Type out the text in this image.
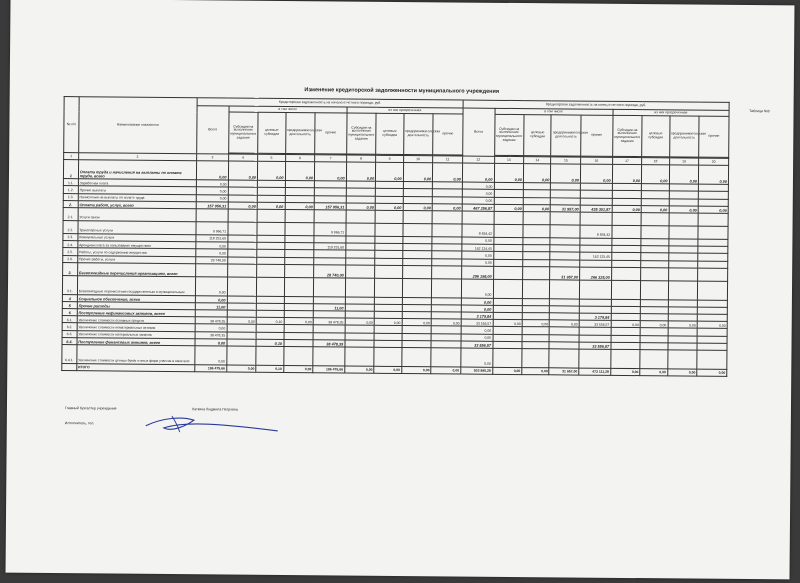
Изменение кредиторской задолженности муниципального учреждения
Таблица №8
№ п/п	Наименование показателя	Кредиторская задолженность на начало отчетного периода, руб.									Кредиторская задолженность на конец отчетного периода, руб.								
		Всего	в том числе				из них просроченная				Всего	в том числе				из них просроченная			
			Субсидии на выполнение муниципального задания	целевые субсидии	предпринимательская деятельность	прочие	Субсидии на выполнение муниципального задания	целевые субсидии	предпринимательская деятельность	прочие		Субсидии на выполнение муниципального задания	целевые субсидии	предпринимательская деятельность	прочие	Субсидии на выполнение муниципального задания	целевые субсидии	предпринимательская деятельность	прочие

1	2	3	4	5	6	7	8	9	10	11	12	13	14	15	16	17	18	19	20
1	Оплата труда и начисления на выплаты по оплате труда, всего	0,00	0,00	0,00	0,00	0,00	0,00	0,00	0,00	0,00	0,00	0,00	0,00	0,00	0,00	0,00	0,00	0,00	0,00
1.1.	Заработная плата	0,00									0,00								
1.2.	Прочие выплаты	0,00									0,00								
1.3.	Начисления на выплаты по оплате труда	0,00									0,00								
2.	Оплата работ, услуг, всего	157 956,31	0,00	0,00	0,00	157 956,31	0,00	0,00	0,00	0,00	467 256,87	0,00	0,00	31 957,00	435 301,87	0,00	0,00	0,00	0,00
2.1.	Услуги связи																		
2.2.	Транспортные услуги	9 966,71				9 966,71					8 834,42				8 834,42				
2.3.	Коммунальные услуги	118 251,60									0,00								
2.4.	Арендная плата за пользование имуществом	0,00				119 251,60					162 124,45								
2.5.	Работы, услуги по содержанию имущества	0,00									0,00				162 125,45				
2.6.	Прочие работы, услуги	29 740,00									0,00								
3.	Безвозмездные перечисления организациям, всего					28 740,00					296 198,00			31 957,00	266 325,00				
3.1.	Безвозмездные перечисления государственным и муниципальным	0,00									0,00								
4	Социальное обеспечение, всего	0,00									0,00								
5	Прочие расходы	11,00				11,00					0,00								
6	Поступление нефинансовых активов, всего										3 179,84				3 179,84				
6.1.	Увеличение стоимости основных средств	38 478,35	0,00	0,10	0,00	38 478,35	0,00	0,00	0,00	0,00	33 556,57	0,00	0,00	0,00	33 556,57	0,00	0,00	0,00	0,00
6.2.	Увеличение стоимости нематериальных активов	0,00									0,00								
6.3.	Увеличение стоимости материальных запасов	38 478,35									0,00								
6.4.	Поступление финансовых активов, всего	0,00		0,10		38 478,35					33 556,57				33 556,57				
6.4.1.	Увеличение стоимости ценных бумаг и иных форм участия в капитале	0,00									0,00								
	ИТОГО	196 475,66	0,00	0,10	0,00	196 475,66	0,00	0,00	0,00	0,00	503 995,28	0,00	0,00	31 957,00	472 111,28	0,00	0,00	0,00	0,00
Главный бухгалтер учреждения	Латкина Людмила Петровна
Исполнитель, тел.
